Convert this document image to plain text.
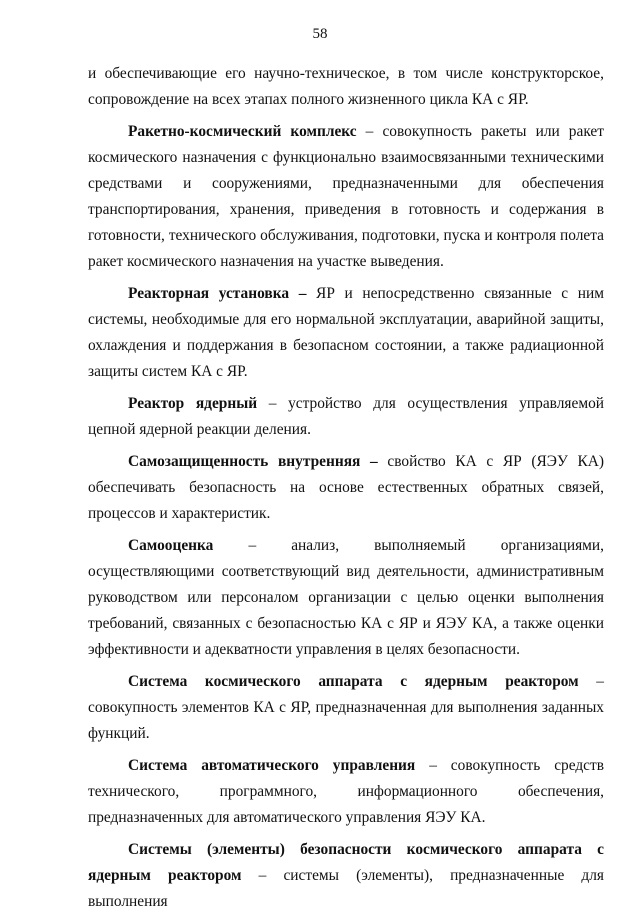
58

и обеспечивающие его научно-техническое, в том числе конструкторское, сопровождение на всех этапах полного жизненного цикла КА с ЯР.

Ракетно-космический комплекс – совокупность ракеты или ракет космического назначения с функционально взаимосвязанными техническими средствами и сооружениями, предназначенными для обеспечения транспортирования, хранения, приведения в готовность и содержания в готовности, технического обслуживания, подготовки, пуска и контроля полета ракет космического назначения на участке выведения.

Реакторная установка – ЯР и непосредственно связанные с ним системы, необходимые для его нормальной эксплуатации, аварийной защиты, охлаждения и поддержания в безопасном состоянии, а также радиационной защиты систем КА с ЯР.

Реактор ядерный – устройство для осуществления управляемой цепной ядерной реакции деления.

Самозащищенность внутренняя – свойство КА с ЯР (ЯЭУ КА) обеспечивать безопасность на основе естественных обратных связей, процессов и характеристик.

Самооценка – анализ, выполняемый организациями, осуществляющими соответствующий вид деятельности, административным руководством или персоналом организации с целью оценки выполнения требований, связанных с безопасностью КА с ЯР и ЯЭУ КА, а также оценки эффективности и адекватности управления в целях безопасности.

Система космического аппарата с ядерным реактором – совокупность элементов КА с ЯР, предназначенная для выполнения заданных функций.

Система автоматического управления – совокупность средств технического, программного, информационного обеспечения, предназначенных для автоматического управления ЯЭУ КА.

Системы (элементы) безопасности космического аппарата с ядерным реактором – системы (элементы), предназначенные для выполнения
